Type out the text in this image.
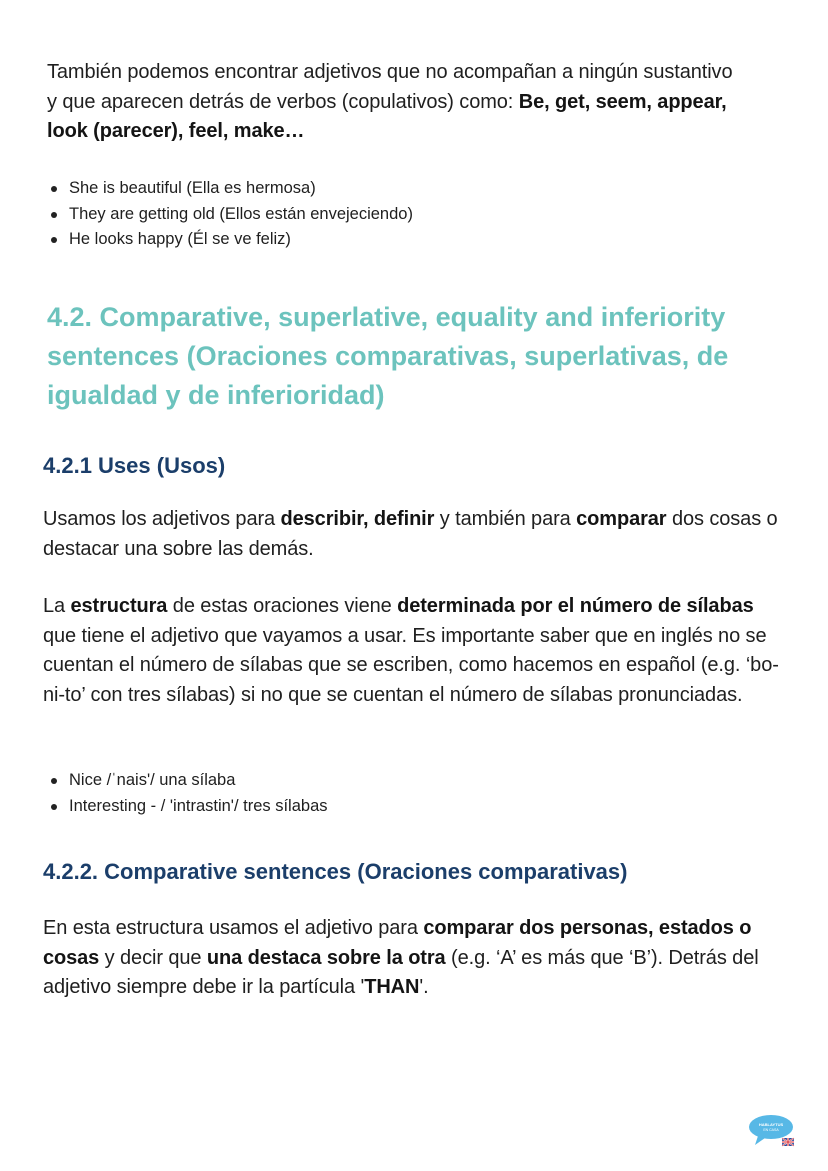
También podemos encontrar adjetivos que no acompañan a ningún sustantivo y que aparecen detrás de verbos (copulativos) como: Be, get, seem, appear, look (parecer), feel, make…

She is beautiful (Ella es hermosa)
They are getting old (Ellos están envejeciendo)
He looks happy (Él se ve feliz)
4.2. Comparative, superlative, equality and inferiority sentences (Oraciones comparativas, superlativas, de igualdad y de inferioridad)
4.2.1 Uses (Usos)

Usamos los adjetivos para describir, definir y también para comparar dos cosas o destacar una sobre las demás.

La estructura de estas oraciones viene determinada por el número de sílabas que tiene el adjetivo que vayamos a usar. Es importante saber que en inglés no se cuentan el número de sílabas que se escriben, como hacemos en español (e.g. ‘bo-ni-to’ con tres sílabas) si no que se cuentan el número de sílabas pronunciadas.

Nice /ˈnais'/ una sílaba
Interesting - / 'intrastin'/ tres sílabas
4.2.2. Comparative sentences (Oraciones comparativas)

En esta estructura usamos el adjetivo para comparar dos personas, estados o cosas y decir que una destaca sobre la otra (e.g. ‘A’ es más que ‘B’). Detrás del adjetivo siempre debe ir la partícula 'THAN'.

HABLAYTUS
EN CASA
